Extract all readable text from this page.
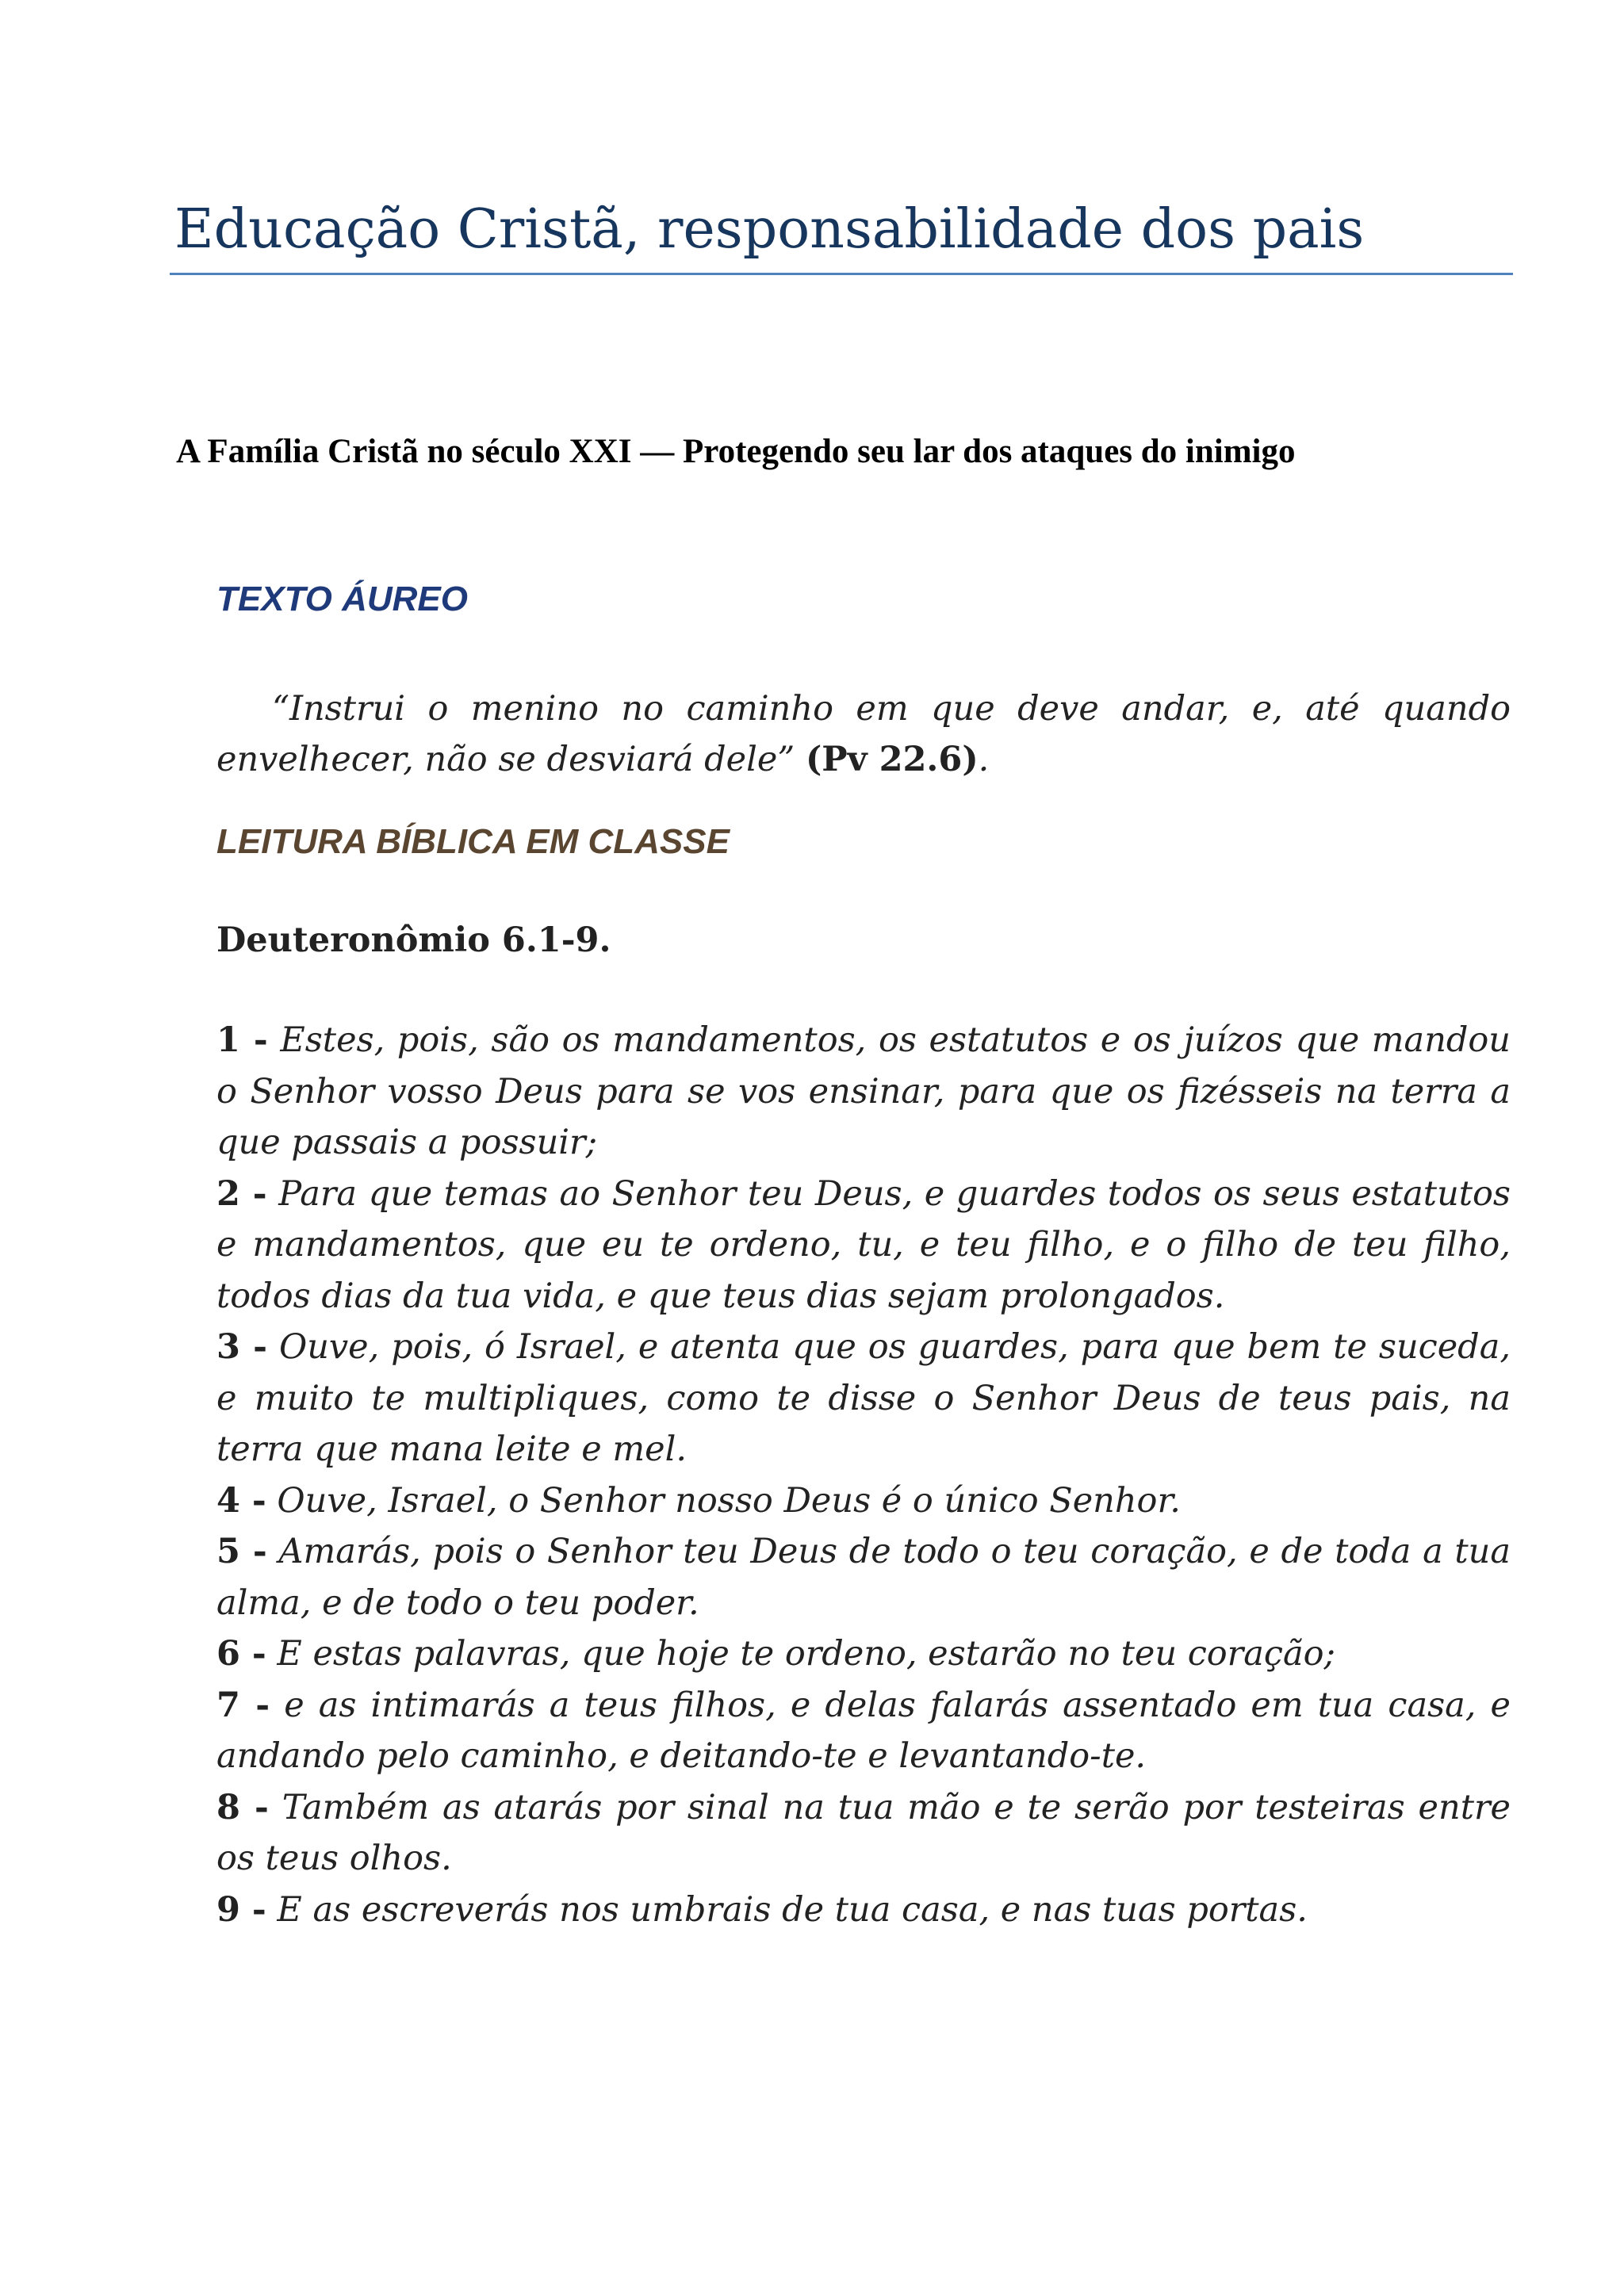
Educação Cristã, responsabilidade dos pais
A Família Cristã no século XXI — Protegendo seu lar dos ataques do inimigo
TEXTO ÁUREO

“Instrui o menino no caminho em que deve andar, e, até quando envelhecer, não se desviará dele” (Pv 22.6).

LEITURA BÍBLICA EM CLASSE

Deuteronômio 6.1-9.

1 - Estes, pois, são os mandamentos, os estatutos e os juízos que mandou o Senhor vosso Deus para se vos ensinar, para que os fizésseis na terra a que passais a possuir;

2 - Para que temas ao Senhor teu Deus, e guardes todos os seus estatutos e mandamentos, que eu te ordeno, tu, e teu filho, e o filho de teu filho, todos dias da tua vida, e que teus dias sejam prolongados.

3 - Ouve, pois, ó Israel, e atenta que os guardes, para que bem te suceda, e muito te multipliques, como te disse o Senhor Deus de teus pais, na terra que mana leite e mel.

4 - Ouve, Israel, o Senhor nosso Deus é o único Senhor.

5 - Amarás, pois o Senhor teu Deus de todo o teu coração, e de toda a tua alma, e de todo o teu poder.

6 - E estas palavras, que hoje te ordeno, estarão no teu coração;

7 - e as intimarás a teus filhos, e delas falarás assentado em tua casa, e andando pelo caminho, e deitando-te e levantando-te.

8 - Também as atarás por sinal na tua mão e te serão por testeiras entre os teus olhos.

9 - E as escreverás nos umbrais de tua casa, e nas tuas portas.
